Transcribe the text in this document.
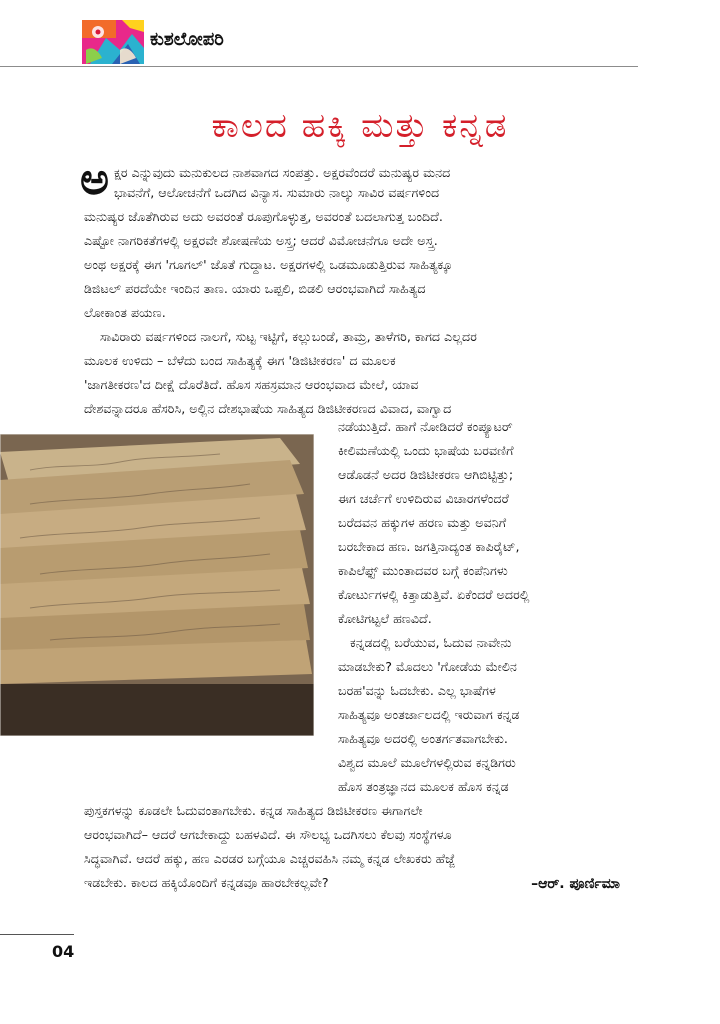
ಕುಶಲೋಪರಿ
ಕಾಲದ ಹಕ್ಕಿ ಮತ್ತು ಕನ್ನಡ
ಅ ಕ್ಷರ ಎನ್ನುವುದು ಮನುಕುಲದ ನಾಶವಾಗದ ಸಂಪತ್ತು. ಅಕ್ಷರವೆಂದರೆ ಮನುಷ್ಯರ ಮನದ
ಭಾವನೆಗೆ, ಆಲೋಚನೆಗೆ ಒದಗಿದ ವಿನ್ಯಾಸ. ಸುಮಾರು ನಾಲ್ಕು ಸಾವಿರ ವರ್ಷಗಳಿಂದ
ಮನುಷ್ಯರ ಜೊತೆಗಿರುವ ಅದು ಅವರಂತೆ ರೂಪುಗೊಳ್ಳುತ್ತ, ಅವರಂತೆ ಬದಲಾಗುತ್ತ ಬಂದಿದೆ.
ಎಷ್ಟೋ ನಾಗರಿಕತೆಗಳಲ್ಲಿ ಅಕ್ಷರವೇ ಶೋಷಣೆಯ ಅಸ್ತ್ರ; ಆದರೆ ವಿಮೋಚನೆಗೂ ಅದೇ ಅಸ್ತ್ರ.
ಅಂಥ ಅಕ್ಷರಕ್ಕೆ ಈಗ 'ಗೂಗಲ್' ಜೊತೆ ಗುದ್ದಾಟ. ಅಕ್ಷರಗಳಲ್ಲಿ ಒಡಮೂಡುತ್ತಿರುವ ಸಾಹಿತ್ಯಕ್ಕೂ
ಡಿಜಿಟಲ್ ಪರದೆಯೇ ಇಂದಿನ ತಾಣ. ಯಾರು ಒಪ್ಪಲಿ, ಬಿಡಲಿ ಆರಂಭವಾಗಿದೆ ಸಾಹಿತ್ಯದ
ಲೋಕಾಂತ ಪಯಣ.
ಸಾವಿರಾರು ವರ್ಷಗಳಿಂದ ನಾಲಗೆ, ಸುಟ್ಟ ಇಟ್ಟಿಗೆ, ಕಲ್ಲುಬಂಡೆ, ತಾಮ್ರ, ತಾಳೆಗರಿ, ಕಾಗದ ಎಲ್ಲದರ
ಮೂಲಕ ಉಳಿದು – ಬೆಳೆದು ಬಂದ ಸಾಹಿತ್ಯಕ್ಕೆ ಈಗ 'ಡಿಜಿಟೀಕರಣ' ದ ಮೂಲಕ
'ಜಾಗತೀಕರಣ'ದ ದೀಕ್ಷೆ ದೊರೆತಿದೆ. ಹೊಸ ಸಹಸ್ರಮಾನ ಆರಂಭವಾದ ಮೇಲೆ, ಯಾವ
ದೇಶವನ್ನಾದರೂ ಹೆಸರಿಸಿ, ಅಲ್ಲಿನ ದೇಶಭಾಷೆಯ ಸಾಹಿತ್ಯದ ಡಿಜಿಟೀಕರಣದ ವಿವಾದ, ವಾಗ್ವಾದ
ನಡೆಯುತ್ತಿದೆ. ಹಾಗೆ ನೋಡಿದರೆ ಕಂಪ್ಯೂಟರ್
ಕೀಲಿಮಣೆಯಲ್ಲಿ ಒಂದು ಭಾಷೆಯ ಬರವಣಿಗೆ
ಆಡೊಡನೆ ಅದರ ಡಿಜಿಟೀಕರಣ ಆಗಿಬಿಟ್ಟಿತ್ತು;
ಈಗ ಚರ್ಚೆಗೆ ಉಳಿದಿರುವ ವಿಚಾರಗಳೆಂದರೆ
ಬರೆದವನ ಹಕ್ಕುಗಳ ಹರಣ ಮತ್ತು ಅವನಿಗೆ
ಬರಬೇಕಾದ ಹಣ. ಜಗತ್ತಿನಾದ್ಯಂತ ಕಾಪಿರೈಟ್,
ಕಾಪಿಲೆಫ್ಟ್ ಮುಂತಾದವರ ಬಗ್ಗೆ ಕಂಪೆನಿಗಳು
ಕೋರ್ಟುಗಳಲ್ಲಿ ಕಿತ್ತಾಡುತ್ತಿವೆ. ಏಕೆಂದರೆ ಅದರಲ್ಲಿ
ಕೋಟಿಗಟ್ಟಲೆ ಹಣವಿದೆ.
ಕನ್ನಡದಲ್ಲಿ ಬರೆಯುವ, ಓದುವ ನಾವೇನು
ಮಾಡಬೇಕು? ಮೊದಲು 'ಗೋಡೆಯ ಮೇಲಿನ
ಬರಹ'ವನ್ನು ಓದಬೇಕು. ಎಲ್ಲ ಭಾಷೆಗಳ
ಸಾಹಿತ್ಯವೂ ಅಂತರ್ಜಾಲದಲ್ಲಿ ಇರುವಾಗ ಕನ್ನಡ
ಸಾಹಿತ್ಯವೂ ಅದರಲ್ಲಿ ಅಂತರ್ಗತವಾಗಬೇಕು.
ವಿಶ್ವದ ಮೂಲೆ ಮೂಲೆಗಳಲ್ಲಿರುವ ಕನ್ನಡಿಗರು
ಹೊಸ ತಂತ್ರಜ್ಞಾನದ ಮೂಲಕ ಹೊಸ ಕನ್ನಡ
ಪುಸ್ತಕಗಳನ್ನು ಕೂಡಲೇ ಓದುವಂತಾಗಬೇಕು. ಕನ್ನಡ ಸಾಹಿತ್ಯದ ಡಿಜಿಟೀಕರಣ ಈಗಾಗಲೇ
ಆರಂಭವಾಗಿದೆ– ಆದರೆ ಆಗಬೇಕಾದ್ದು ಬಹಳವಿದೆ. ಈ ಸೌಲಭ್ಯ ಒದಗಿಸಲು ಕೆಲವು ಸಂಸ್ಥೆಗಳೂ
ಸಿದ್ಧವಾಗಿವೆ. ಆದರೆ ಹಕ್ಕು, ಹಣ ಎರಡರ ಬಗ್ಗೆಯೂ ಎಚ್ಚರವಹಿಸಿ ನಮ್ಮ ಕನ್ನಡ ಲೇಖಕರು ಹೆಜ್ಜೆ
ಇಡಬೇಕು. ಕಾಲದ ಹಕ್ಕಿಯೊಂದಿಗೆ ಕನ್ನಡವೂ ಹಾರಬೇಕಲ್ಲವೇ?	–ಆರ್. ಪೂರ್ಣಿಮಾ
04
